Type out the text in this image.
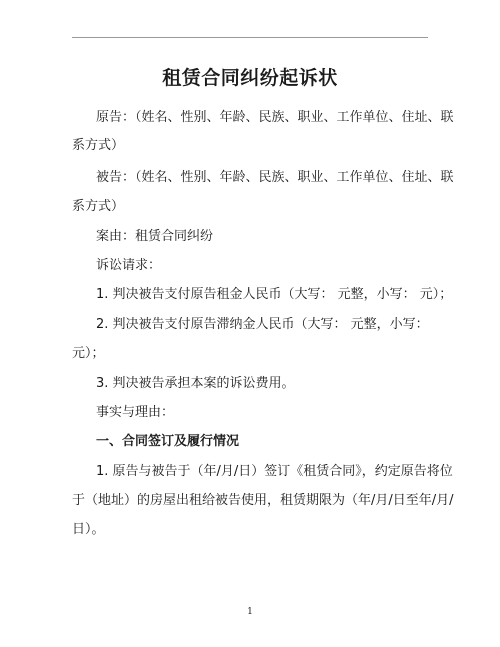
租赁合同纠纷起诉状
原告：（姓名、性别、年龄、民族、职业、工作单位、住址、联
系方式）
被告：（姓名、性别、年龄、民族、职业、工作单位、住址、联
系方式）
案由：租赁合同纠纷
诉讼请求：
1. 判决被告支付原告租金人民币（大写： 元整，小写： 元）；
2. 判决被告支付原告滞纳金人民币（大写： 元整，小写：
元）；
3. 判决被告承担本案的诉讼费用。
事实与理由：
一、合同签订及履行情况
1. 原告与被告于（年/月/日）签订《租赁合同》，约定原告将位
于（地址）的房屋出租给被告使用，租赁期限为（年/月/日至年/月/
日）。
1
